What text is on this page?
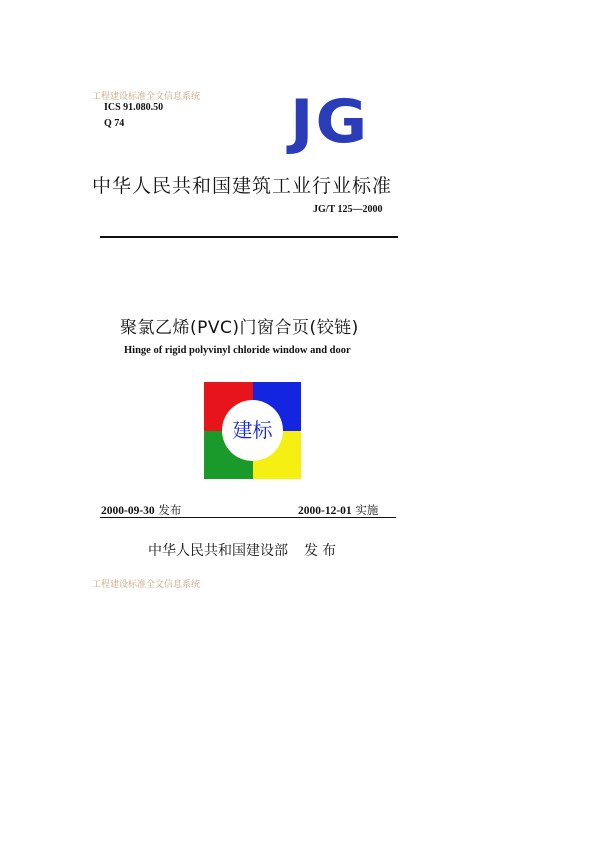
工程建设标准全文信息系统
ICS 91.080.50
Q 74	JG
中华人民共和国建筑工业行业标准
JG/T 125—2000
聚氯乙烯(PVC)门窗合页(铰链)
Hinge of rigid polyvinyl chloride window and door
建标
2000-09-30 发布	2000-12-01 实施
中华人民共和国建设部 发布
工程建设标准全文信息系统
